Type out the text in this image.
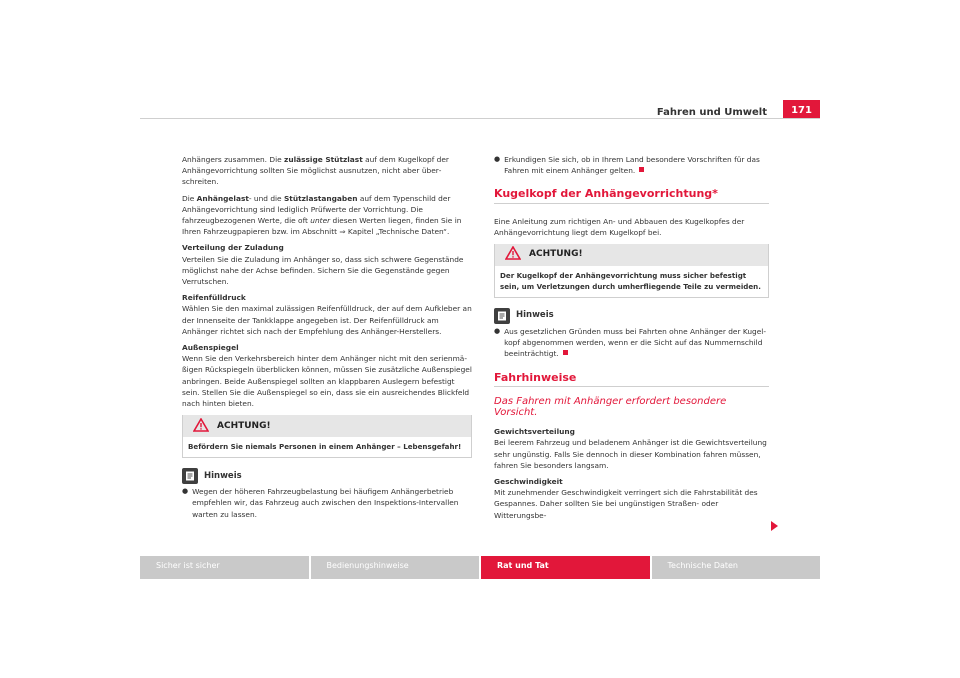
Fahren und Umwelt	171

Anhängers zusammen. Die zulässige Stützlast auf dem Kugelkopf der Anhängevorrichtung sollten Sie möglichst ausnutzen, nicht aber überschreiten.

Die Anhängelast- und die Stützlastangaben auf dem Typenschild der Anhängevorrichtung sind lediglich Prüfwerte der Vorrichtung. Die fahrzeugbezogenen Werte, die oft unter diesen Werten liegen, finden Sie in Ihren Fahrzeugpapieren bzw. im Abschnitt ⇒ Kapitel „Technische Daten“.

Verteilung der Zuladung

Verteilen Sie die Zuladung im Anhänger so, dass sich schwere Gegenstände möglichst nahe der Achse befinden. Sichern Sie die Gegenstände gegen Verrutschen.

Reifenfülldruck

Wählen Sie den maximal zulässigen Reifenfülldruck, der auf dem Aufkleber an der Innenseite der Tankklappe angegeben ist. Der Reifenfülldruck am Anhänger richtet sich nach der Empfehlung des Anhänger-Herstellers.

Außenspiegel

Wenn Sie den Verkehrsbereich hinter dem Anhänger nicht mit den serienmäßigen Rückspiegeln überblicken können, müssen Sie zusätzliche Außenspiegel anbringen. Beide Außenspiegel sollten an klappbaren Auslegern befestigt sein. Stellen Sie die Außenspiegel so ein, dass sie ein ausreichendes Blickfeld nach hinten bieten.

ACHTUNG!
Befördern Sie niemals Personen in einem Anhänger – Lebensgefahr!
Hinweis
● Wegen der höheren Fahrzeugbelastung bei häufigem Anhängerbetrieb empfehlen wir, das Fahrzeug auch zwischen den Inspektions-Intervallen warten zu lassen.
● Erkundigen Sie sich, ob in Ihrem Land besondere Vorschriften für das Fahren mit einem Anhänger gelten.
Kugelkopf der Anhängevorrichtung*

Eine Anleitung zum richtigen An- und Abbauen des Kugelkopfes der Anhängevorrichtung liegt dem Kugelkopf bei.

ACHTUNG!
Der Kugelkopf der Anhängevorrichtung muss sicher befestigt sein, um Verletzungen durch umherfliegende Teile zu vermeiden.
Hinweis
● Aus gesetzlichen Gründen muss bei Fahrten ohne Anhänger der Kugelkopf abgenommen werden, wenn er die Sicht auf das Nummernschild beeinträchtigt.
Fahrhinweise
Das Fahren mit Anhänger erfordert besondere Vorsicht.
Gewichtsverteilung

Bei leerem Fahrzeug und beladenem Anhänger ist die Gewichtsverteilung sehr ungünstig. Falls Sie dennoch in dieser Kombination fahren müssen, fahren Sie besonders langsam.

Geschwindigkeit

Mit zunehmender Geschwindigkeit verringert sich die Fahrstabilität des Gespannes. Daher sollten Sie bei ungünstigen Straßen- oder Witterungsbe-

Sicher ist sicher	Bedienungshinweise	Rat und Tat	Technische Daten
